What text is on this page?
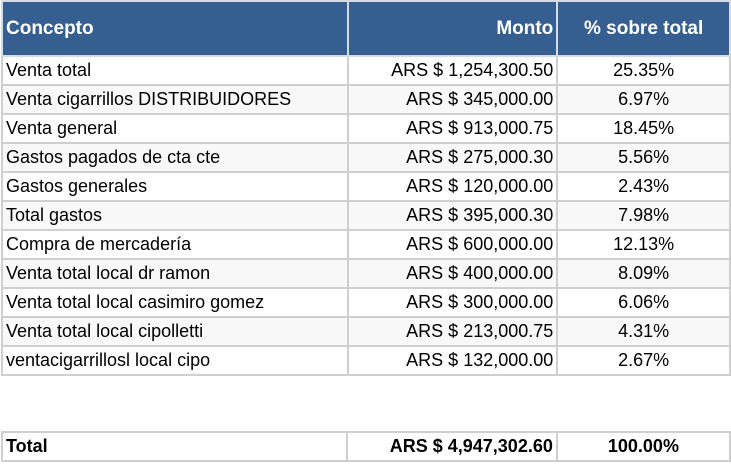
Concepto	Monto	% sobre total
Venta total	ARS $ 1,254,300.50	25.35%
Venta cigarrillos DISTRIBUIDORES	ARS $ 345,000.00	6.97%
Venta general	ARS $ 913,000.75	18.45%
Gastos pagados de cta cte	ARS $ 275,000.30	5.56%
Gastos generales	ARS $ 120,000.00	2.43%
Total gastos	ARS $ 395,000.30	7.98%
Compra de mercadería	ARS $ 600,000.00	12.13%
Venta total local dr ramon	ARS $ 400,000.00	8.09%
Venta total local casimiro gomez	ARS $ 300,000.00	6.06%
Venta total local cipolletti	ARS $ 213,000.75	4.31%
ventacigarrillosl local cipo	ARS $ 132,000.00	2.67%
Total	ARS $ 4,947,302.60	100.00%
